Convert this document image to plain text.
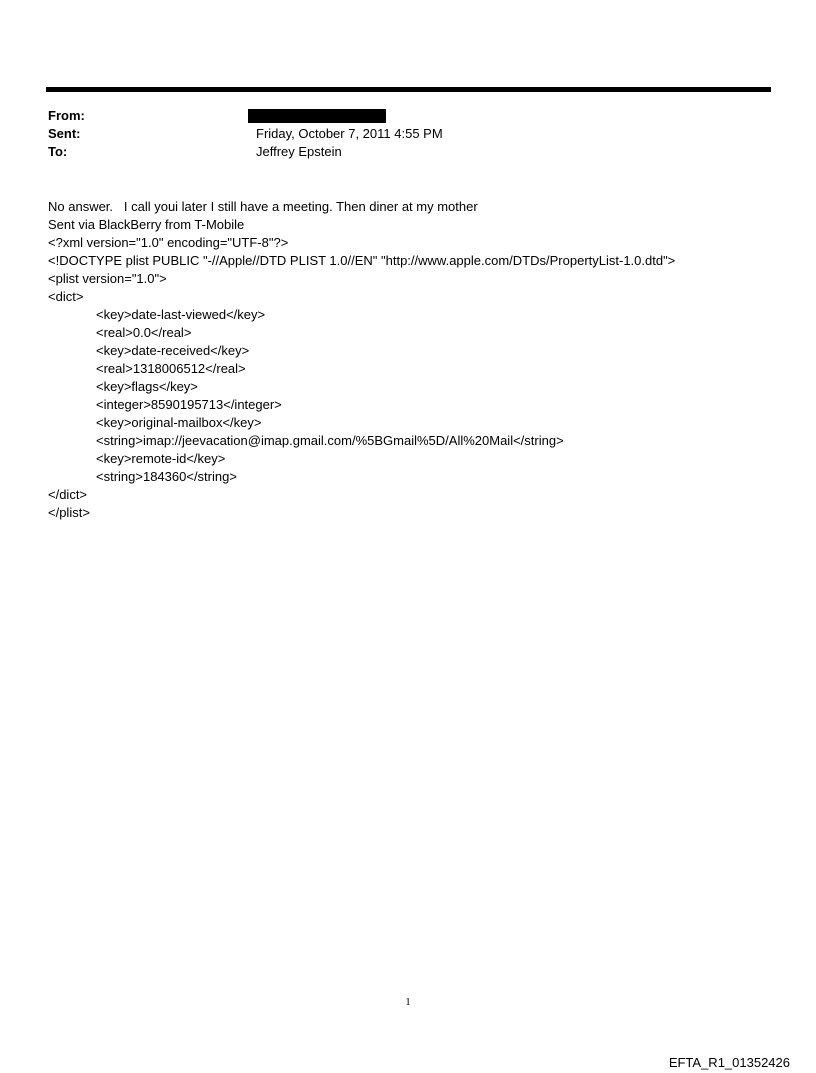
From:
Sent:	Friday, October 7, 2011 4:55 PM
To:	Jeffrey Epstein
No answer.   I call youi later I still have a meeting. Then diner at my mother
Sent via BlackBerry from T-Mobile
<?xml version="1.0" encoding="UTF-8"?>
<!DOCTYPE plist PUBLIC "-//Apple//DTD PLIST 1.0//EN" "http://www.apple.com/DTDs/PropertyList-1.0.dtd">
<plist version="1.0">
<dict>
<key>date-last-viewed</key>
<real>0.0</real>
<key>date-received</key>
<real>1318006512</real>
<key>flags</key>
<integer>8590195713</integer>
<key>original-mailbox</key>
<string>imap://jeevacation@imap.gmail.com/%5BGmail%5D/All%20Mail</string>
<key>remote-id</key>
<string>184360</string>
</dict>
</plist>
1
EFTA_R1_01352426
